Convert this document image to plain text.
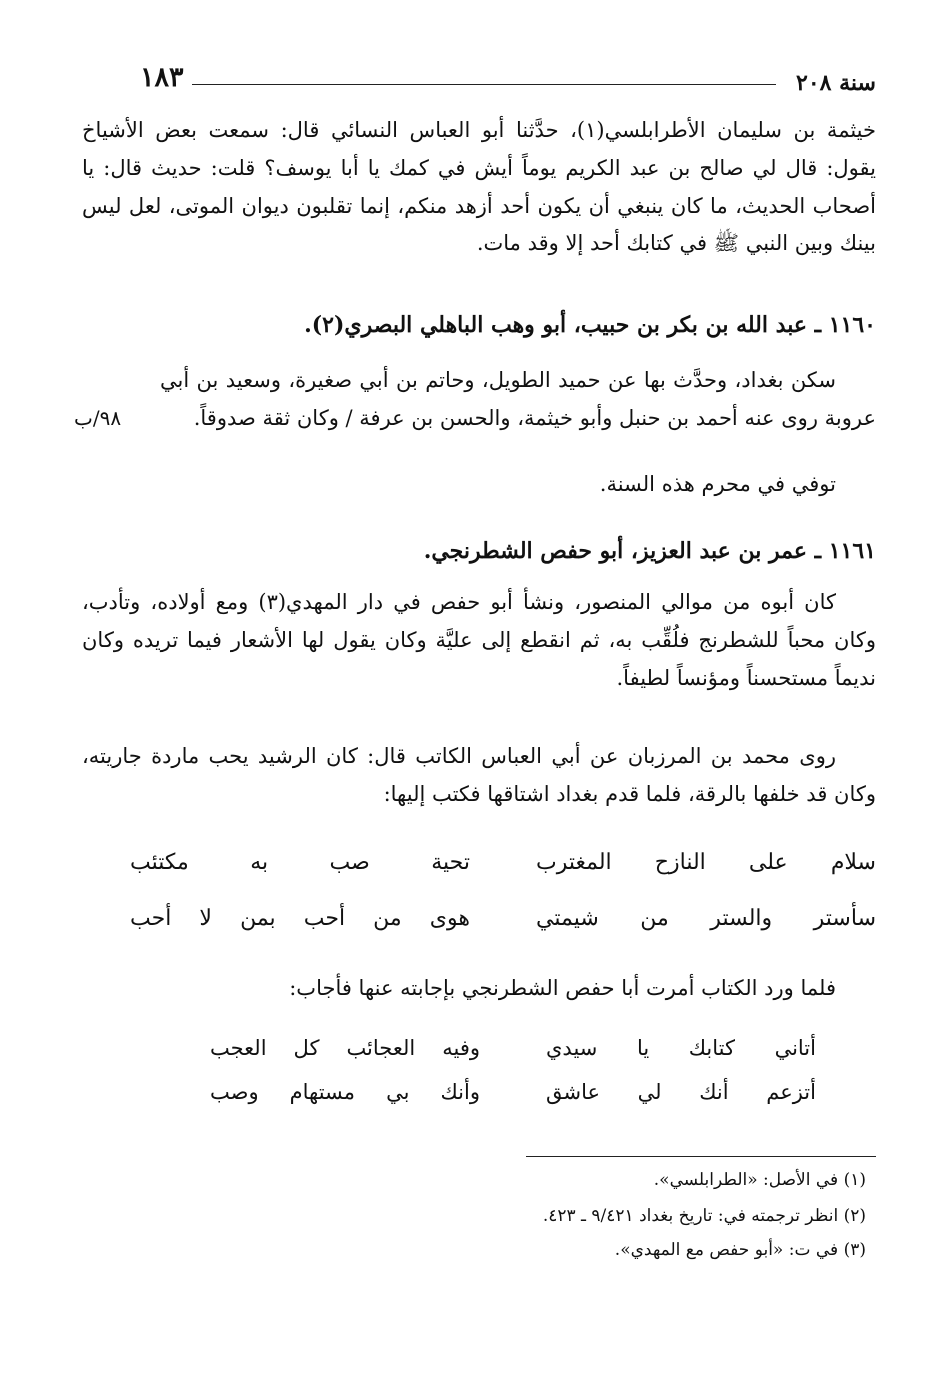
١٨٣	سنة ٢٠٨

خيثمة بن سليمان الأطرابلسي(١)، حدَّثنا أبو العباس النسائي قال: سمعت بعض الأشياخ يقول: قال لي صالح بن عبد الكريم يوماً أيش في كمك يا أبا يوسف؟ قلت: حديث قال: يا أصحاب الحديث، ما كان ينبغي أن يكون أحد أزهد منكم، إنما تقلبون ديوان الموتى، لعل ليس بينك وبين النبي ﷺ في كتابك أحد إلا وقد مات.

١١٦٠ ـ عبد الله بن بكر بن حبيب، أبو وهب الباهلي البصري(٢).

سكن بغداد، وحدَّث بها عن حميد الطويل، وحاتم بن أبي صغيرة، وسعيد بن أبي عروبة روى عنه أحمد بن حنبل وأبو خيثمة، والحسن بن عرفة / وكان ثقة صدوقاً.

٩٨/ب

توفي في محرم هذه السنة.

١١٦١ ـ عمر بن عبد العزيز، أبو حفص الشطرنجي.

كان أبوه من موالي المنصور، ونشأ أبو حفص في دار المهدي(٣) ومع أولاده، وتأدب، وكان محباً للشطرنج فلُقِّب به، ثم انقطع إلى عليَّة وكان يقول لها الأشعار فيما تريده وكان نديماً مستحسناً ومؤنساً لطيفاً.

روى محمد بن المرزبان عن أبي العباس الكاتب قال: كان الرشيد يحب ماردة جاريته، وكان قد خلفها بالرقة، فلما قدم بغداد اشتاقها فكتب إليها:

سلام على النازح المغترب
تحية صب به مكتئب
سأستر والستر من شيمتي
هوى من أحب بمن لا أحب

فلما ورد الكتاب أمرت أبا حفص الشطرنجي بإجابته عنها فأجاب:

أتاني كتابك يا سيدي
وفيه العجائب كل العجب
أتزعم أنك لي عاشق
وأنك بي مستهام وصب
(١) في الأصل: «الطرابلسي».
(٢) انظر ترجمته في: تاريخ بغداد ٩/٤٢١ ـ ٤٢٣.
(٣) في ت: «أبو حفص مع المهدي».
